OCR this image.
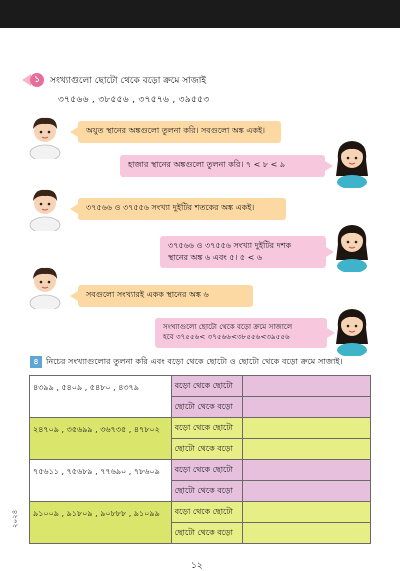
১	সংখ্যাগুলো ছোটো থেকে বড়ো ক্রমে সাজাই
৩৭৫৬৬ , ৩৮৫৫৬ , ৩৭৫৭৬ , ৩৯৫৫৩
অযুত স্থানের অঙ্কগুলো তুলনা করি। সবগুলো অঙ্ক একই।
হাজার স্থানের অঙ্কগুলো তুলনা করি। ৭ < ৮ < ৯
৩৭৫৬৬ ও ৩৭৫৫৬ সংখ্যা দুইটির শতকের অঙ্ক একই।
৩৭৫৬৬ ও ৩৭৫৫৬ সংখ্যা দুইটির দশক
স্থানের অঙ্ক ৬ এবং ৫। ৫ < ৬
সবগুলো সংখ্যারই একক স্থানের অঙ্ক ৬
সংখ্যাগুলো ছোটো থেকে বড়ো ক্রমে সাজালে
হবে ৩৭৫৫৬< ৩৭৫৬৬<৩৮৫৫৬<৩৯৫৫৬
৪ নিচের সংখ্যাগুলোর তুলনা করি এবং বড়ো থেকে ছোটো ও ছোটো থেকে বড়ো ক্রমে সাজাই।
৪৩৯৯ , ৫৪০৯ , ৫৪৮০ , ৪৩৭৯	বড়ো থেকে ছোটো	
	ছোটো থেকে বড়ো	
২৪৭০৯ , ৩৫৬৯৯ , ৩৬৭৩৫ , ৪৭৮০২	বড়ো থেকে ছোটো	
	ছোটো থেকে বড়ো	
৭৫৬১১ , ৭৫৬৮৯ , ৭৭৬৯০ , ৭৮৬০৯	বড়ো থেকে ছোটো	
	ছোটো থেকে বড়ো	
৯১০০৯ , ৯১৮০৯ , ৯০৮৮৮ , ৯১০৯৯	বড়ো থেকে ছোটো	
	ছোটো থেকে বড়ো	
২০২৪
১২
